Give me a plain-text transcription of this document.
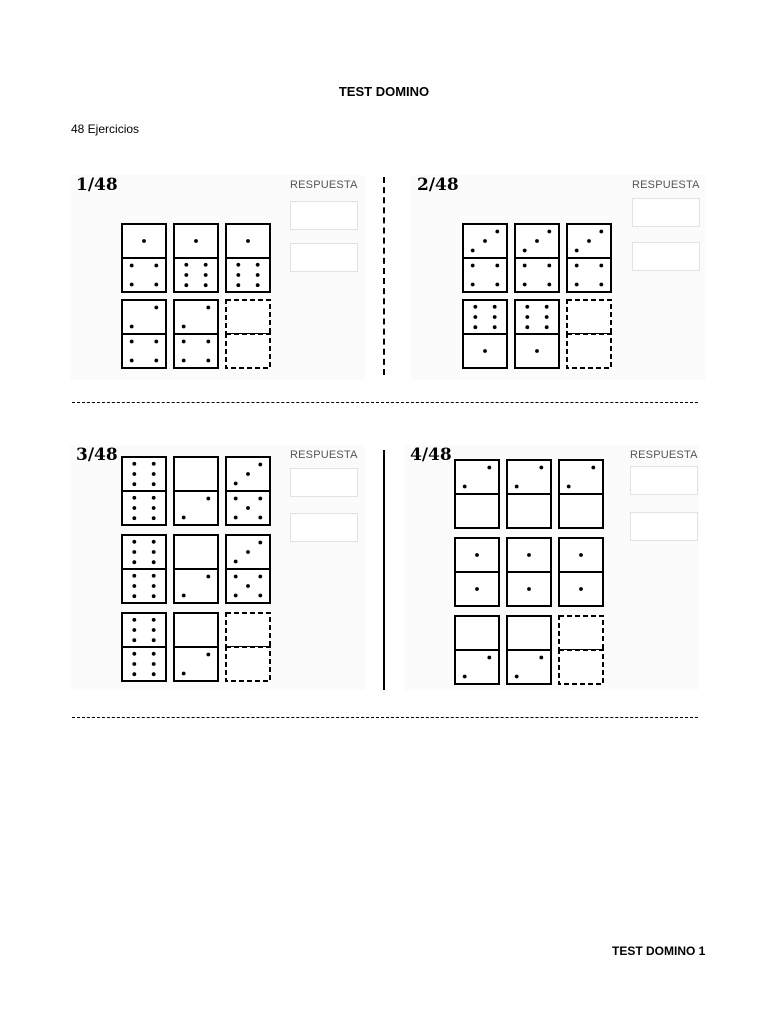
TEST DOMINO
48 Ejercicios
1/48	RESPUESTA	2/48	RESPUESTA
3/48	RESPUESTA	4/48	RESPUESTA
TEST DOMINO 1
